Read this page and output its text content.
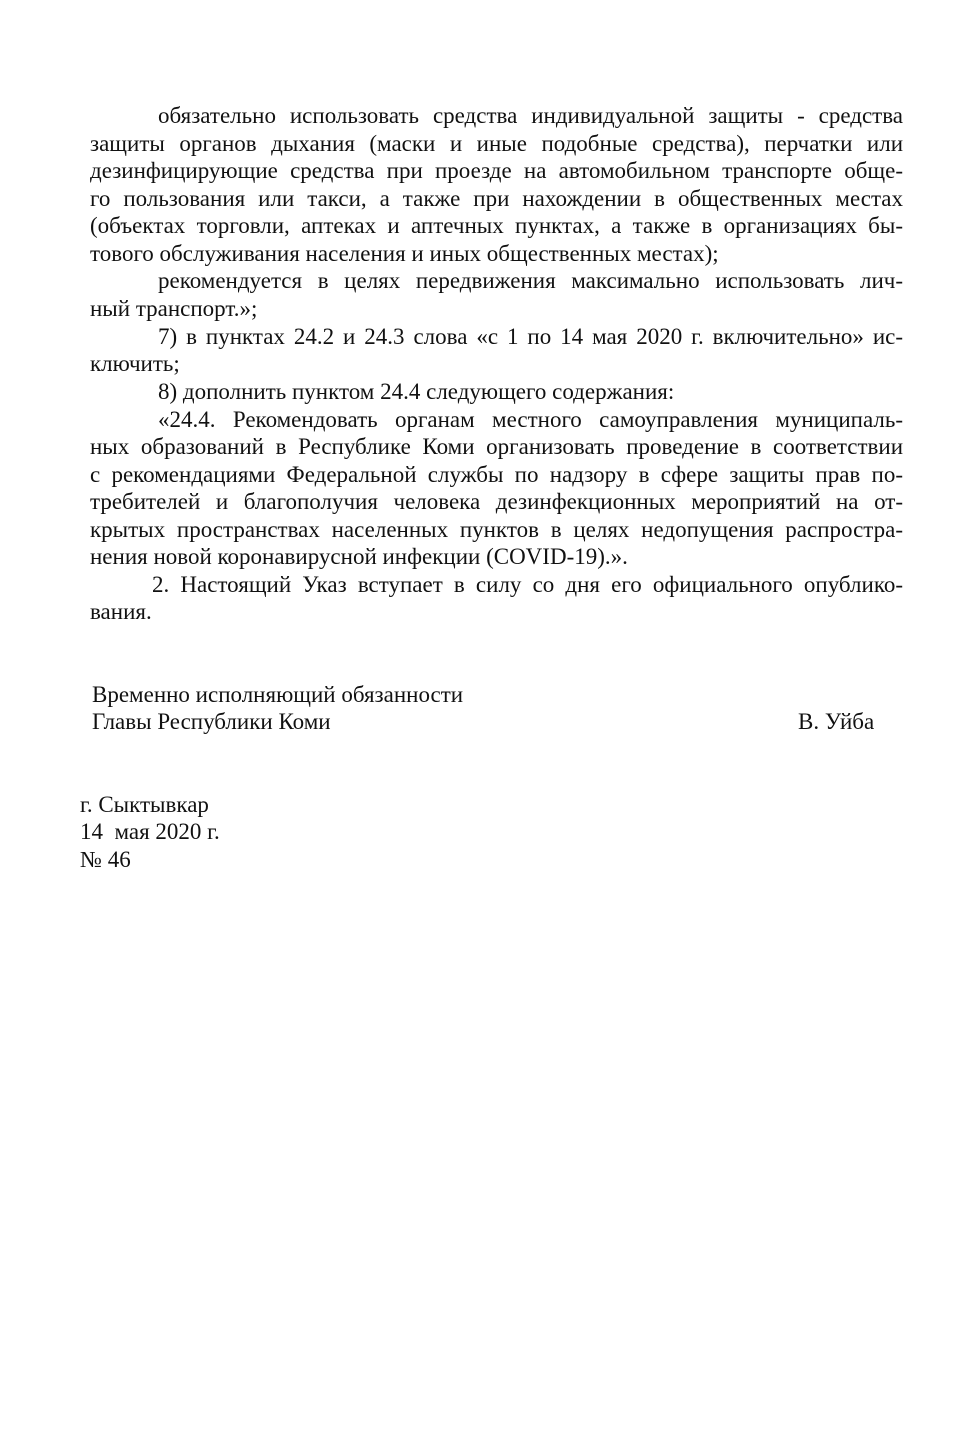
обязательно использовать средства индивидуальной защиты - средства
защиты органов дыхания (маски и иные подобные средства), перчатки или
дезинфицирующие средства при проезде на автомобильном транспорте обще-
го пользования или такси, а также при нахождении в общественных местах
(объектах торговли, аптеках и аптечных пунктах, а также в организациях бы-
тового обслуживания населения и иных общественных местах);
рекомендуется в целях передвижения максимально использовать лич-
ный транспорт.»;
7) в пунктах 24.2 и 24.3 слова «с 1 по 14 мая 2020 г. включительно» ис-
ключить;
8) дополнить пунктом 24.4 следующего содержания:
«24.4. Рекомендовать органам местного самоуправления муниципаль-
ных образований в Республике Коми организовать проведение в соответствии
с рекомендациями Федеральной службы по надзору в сфере защиты прав по-
требителей и благополучия человека дезинфекционных мероприятий на от-
крытых пространствах населенных пунктов в целях недопущения распростра-
нения новой коронавирусной инфекции (COVID-19).».
2. Настоящий Указ вступает в силу со дня его официального опублико-
вания.
Временно исполняющий обязанности
Главы Республики Коми	В. Уйба
г. Сыктывкар
14  мая 2020 г.
№ 46
